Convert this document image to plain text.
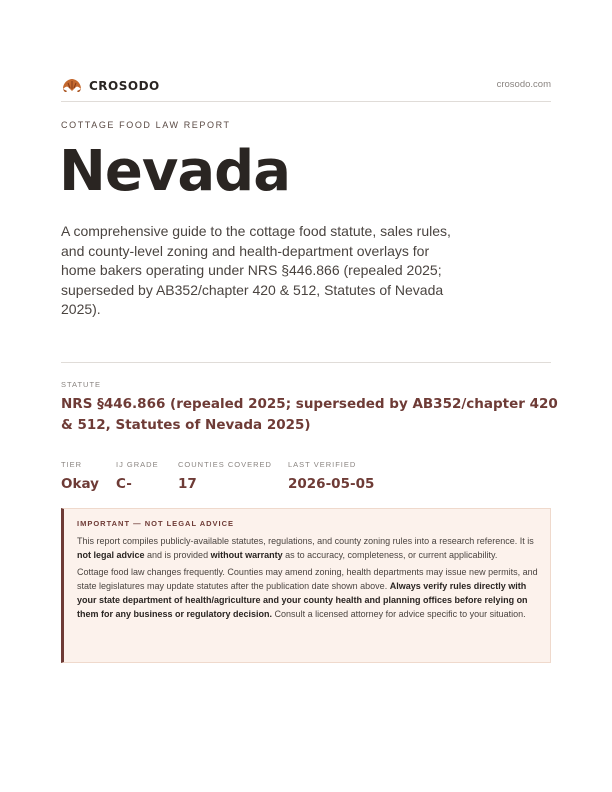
CROSODO	crosodo.com
COTTAGE FOOD LAW REPORT
Nevada

A comprehensive guide to the cottage food statute, sales rules, and county-level zoning and health-department overlays for home bakers operating under NRS §446.866 (repealed 2025; superseded by AB352/chapter 420 & 512, Statutes of Nevada 2025).

STATUTE
NRS §446.866 (repealed 2025; superseded by AB352/chapter 420 & 512, Statutes of Nevada 2025)
TIER
Okay
IJ GRADE
C-
COUNTIES COVERED
17
LAST VERIFIED
2026-05-05
IMPORTANT — NOT LEGAL ADVICE

This report compiles publicly-available statutes, regulations, and county zoning rules into a research reference. It is not legal advice and is provided without warranty as to accuracy, completeness, or current applicability.

Cottage food law changes frequently. Counties may amend zoning, health departments may issue new permits, and state legislatures may update statutes after the publication date shown above. Always verify rules directly with your state department of health/agriculture and your county health and planning offices before relying on them for any business or regulatory decision. Consult a licensed attorney for advice specific to your situation.
